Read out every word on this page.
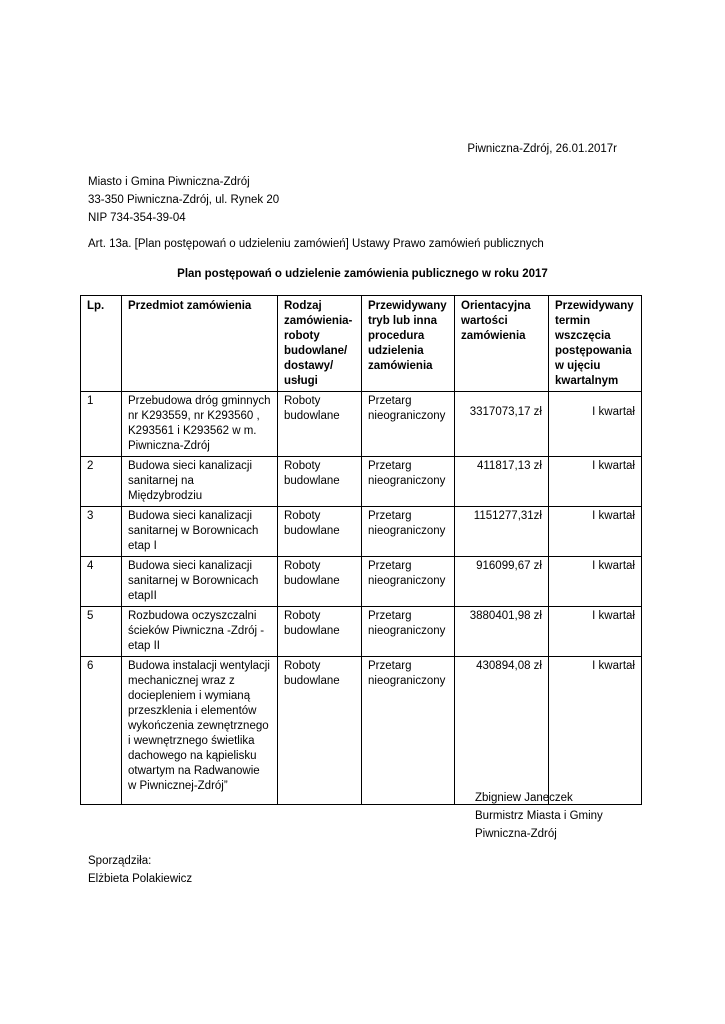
Piwniczna-Zdrój, 26.01.2017r
Miasto i Gmina Piwniczna-Zdrój
33-350 Piwniczna-Zdrój, ul. Rynek 20
NIP 734-354-39-04
Art. 13a. [Plan postępowań o udzieleniu zamówień] Ustawy Prawo zamówień publicznych
Plan postępowań o udzielenie zamówienia publicznego w roku 2017
Lp.	Przedmiot zamówienia	Rodzaj zamówienia- roboty budowlane/ dostawy/ usługi	Przewidywany tryb lub inna procedura udzielenia zamówienia	Orientacyjna wartości zamówienia	Przewidywany termin wszczęcia postępowania w ujęciu kwartalnym
1	Przebudowa dróg gminnych nr K293559, nr K293560 , K293561 i K293562 w m. Piwniczna-Zdrój	Roboty budowlane	Przetarg nieograniczony	3317073,17 zł	I kwartał
2	Budowa sieci kanalizacji sanitarnej na Międzybrodziu	Roboty budowlane	Przetarg nieograniczony	411817,13 zł	I kwartał
3	Budowa sieci kanalizacji sanitarnej w Borownicach etap I	Roboty budowlane	Przetarg nieograniczony	1151277,31zł	I kwartał
4	Budowa sieci kanalizacji sanitarnej w Borownicach etapII	Roboty budowlane	Przetarg nieograniczony	916099,67 zł	I kwartał
5	Rozbudowa oczyszczalni ścieków Piwniczna -Zdrój - etap II	Roboty budowlane	Przetarg nieograniczony	3880401,98 zł	I kwartał
6	Budowa instalacji wentylacji mechanicznej wraz z dociepleniem i wymianą przeszklenia i elementów wykończenia zewnętrznego i wewnętrznego świetlika dachowego na kąpielisku otwartym na Radwanowie w Piwnicznej-Zdrój”	Roboty budowlane	Przetarg nieograniczony	430894,08 zł	I kwartał
Zbigniew Janeczek
Burmistrz Miasta i Gminy
Piwniczna-Zdrój
Sporządziła:
Elżbieta Polakiewicz
